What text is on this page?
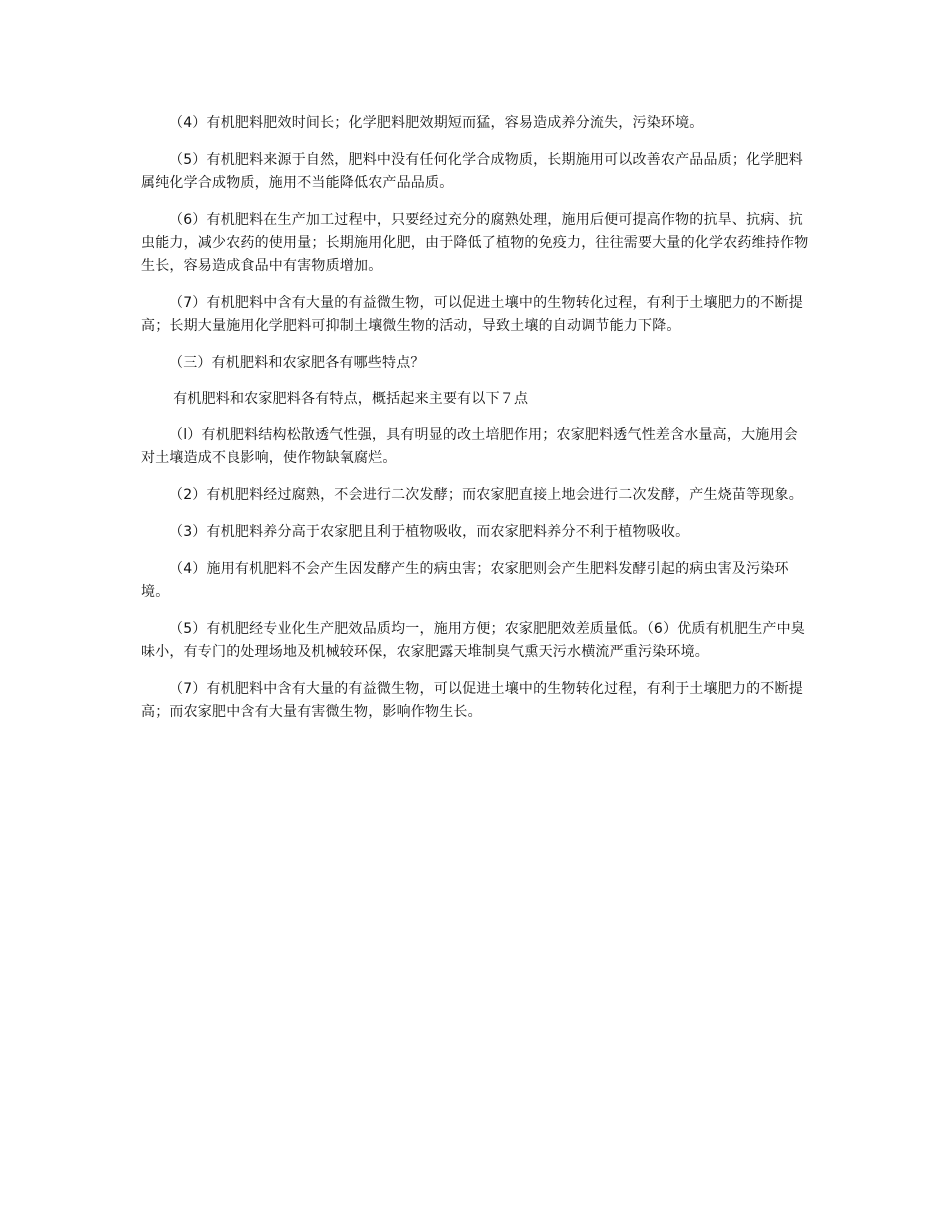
（4）有机肥料肥效时间长；化学肥料肥效期短而猛，容易造成养分流失，污染环境。

（5）有机肥料来源于自然，肥料中没有任何化学合成物质，长期施用可以改善农产品品质；化学肥料属纯化学合成物质，施用不当能降低农产品品质。

（6）有机肥料在生产加工过程中，只要经过充分的腐熟处理，施用后便可提高作物的抗旱、抗病、抗虫能力，减少农药的使用量；长期施用化肥，由于降低了植物的免疫力，往往需要大量的化学农药维持作物生长，容易造成食品中有害物质增加。

（7）有机肥料中含有大量的有益微生物，可以促进土壤中的生物转化过程，有利于土壤肥力的不断提高；长期大量施用化学肥料可抑制土壤微生物的活动，导致土壤的自动调节能力下降。

（三）有机肥料和农家肥各有哪些特点？

有机肥料和农家肥料各有特点，概括起来主要有以下７点

（l）有机肥料结构松散透气性强，具有明显的改土培肥作用；农家肥料透气性差含水量高，大施用会对土壤造成不良影响，使作物缺氧腐烂。

（2）有机肥料经过腐熟，不会进行二次发酵；而农家肥直接上地会进行二次发酵，产生烧苗等现象。

（3）有机肥料养分高于农家肥且利于植物吸收，而农家肥料养分不利于植物吸收。

（4）施用有机肥料不会产生因发酵产生的病虫害；农家肥则会产生肥料发酵引起的病虫害及污染环境。

（5）有机肥经专业化生产肥效品质均一，施用方便；农家肥肥效差质量低。（6）优质有机肥生产中臭味小，有专门的处理场地及机械较环保，农家肥露天堆制臭气熏天污水横流严重污染环境。

（7）有机肥料中含有大量的有益微生物，可以促进土壤中的生物转化过程，有利于土壤肥力的不断提高；而农家肥中含有大量有害微生物，影响作物生长。
